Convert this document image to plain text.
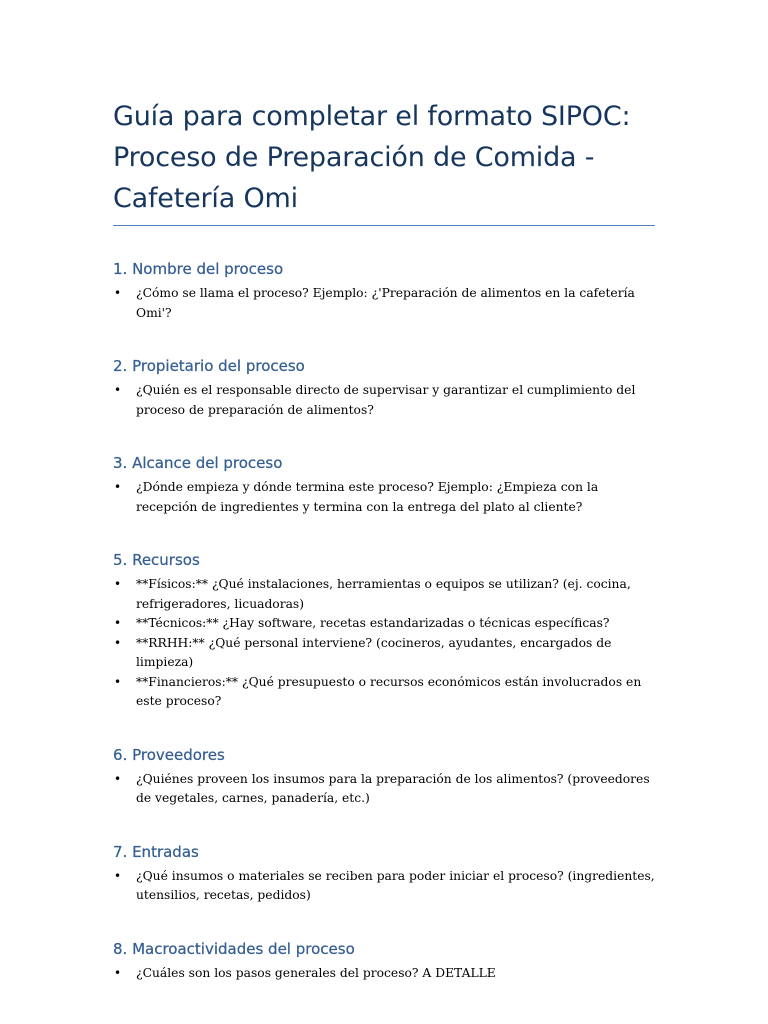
Guía para completar el formato SIPOC:
Proceso de Preparación de Comida -
Cafetería Omi
1. Nombre del proceso
• ¿Cómo se llama el proceso? Ejemplo: ¿'Preparación de alimentos en la cafetería Omi'?
2. Propietario del proceso
• ¿Quién es el responsable directo de supervisar y garantizar el cumplimiento del proceso de preparación de alimentos?
3. Alcance del proceso
• ¿Dónde empieza y dónde termina este proceso? Ejemplo: ¿Empieza con la recepción de ingredientes y termina con la entrega del plato al cliente?
5. Recursos
• **Físicos:** ¿Qué instalaciones, herramientas o equipos se utilizan? (ej. cocina, refrigeradores, licuadoras)
• **Técnicos:** ¿Hay software, recetas estandarizadas o técnicas específicas?
• **RRHH:** ¿Qué personal interviene? (cocineros, ayudantes, encargados de limpieza)
• **Financieros:** ¿Qué presupuesto o recursos económicos están involucrados en este proceso?
6. Proveedores
• ¿Quiénes proveen los insumos para la preparación de los alimentos? (proveedores de vegetales, carnes, panadería, etc.)
7. Entradas
• ¿Qué insumos o materiales se reciben para poder iniciar el proceso? (ingredientes, utensilios, recetas, pedidos)
8. Macroactividades del proceso
• ¿Cuáles son los pasos generales del proceso? A DETALLE
